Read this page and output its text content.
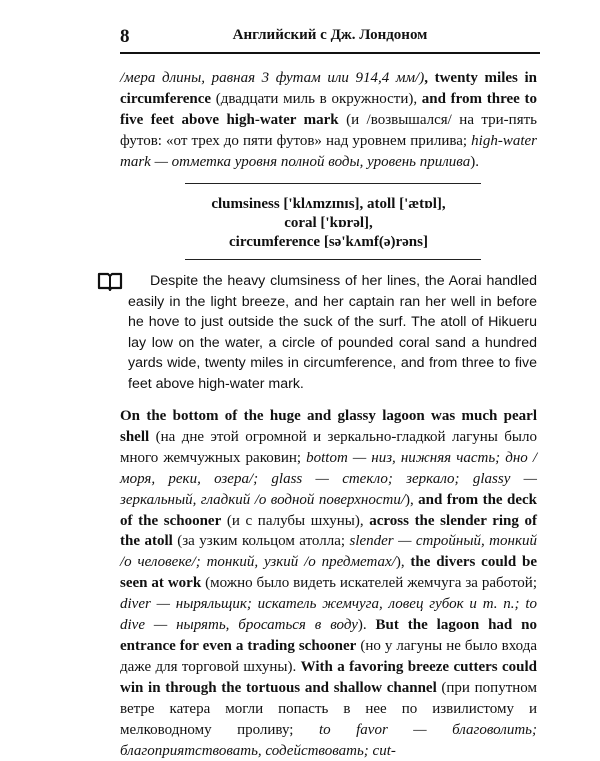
8	Английский с Дж. Лондоном

/мера длины, равная 3 футам или 914,4 мм/), twenty miles in circumference (двадцати миль в окружности), and from three to five feet above high-water mark (и /возвышался/ на три-пять футов: «от трех до пяти футов» над уровнем прилива; high-water mark — отметка уровня полной воды, уровень прилива).

clumsiness ['klʌmzɪnɪs], atoll ['ætɒl],
coral ['kɒrəl],
circumference [sə'kʌmf(ə)rəns]

Despite the heavy clumsiness of her lines, the Aorai handled easily in the light breeze, and her captain ran her well in before he hove to just outside the suck of the surf. The atoll of Hikueru lay low on the water, a circle of pounded coral sand a hundred yards wide, twenty miles in circumference, and from three to five feet above high-water mark.

On the bottom of the huge and glassy lagoon was much pearl shell (на дне этой огромной и зеркально-гладкой лагуны было много жемчужных раковин; bottom — низ, нижняя часть; дно /моря, реки, озера/; glass — стекло; зеркало; glassy — зеркальный, гладкий /о водной поверхности/), and from the deck of the schooner (и с палубы шхуны), across the slender ring of the atoll (за узким кольцом атолла; slender — стройный, тонкий /о человеке/; тонкий, узкий /о предметах/), the divers could be seen at work (можно было видеть искателей жемчуга за работой; diver — ныряльщик; искатель жемчуга, ловец губок и т. п.; to dive — нырять, бросаться в воду). But the lagoon had no entrance for even a trading schooner (но у лагуны не было входа даже для торговой шхуны). With a favoring breeze cutters could win in through the tortuous and shallow channel (при попутном ветре катера могли попасть в нее по извилистому и мелководному проливу; to favor — благоволить; благоприятствовать, содействовать; cut-
